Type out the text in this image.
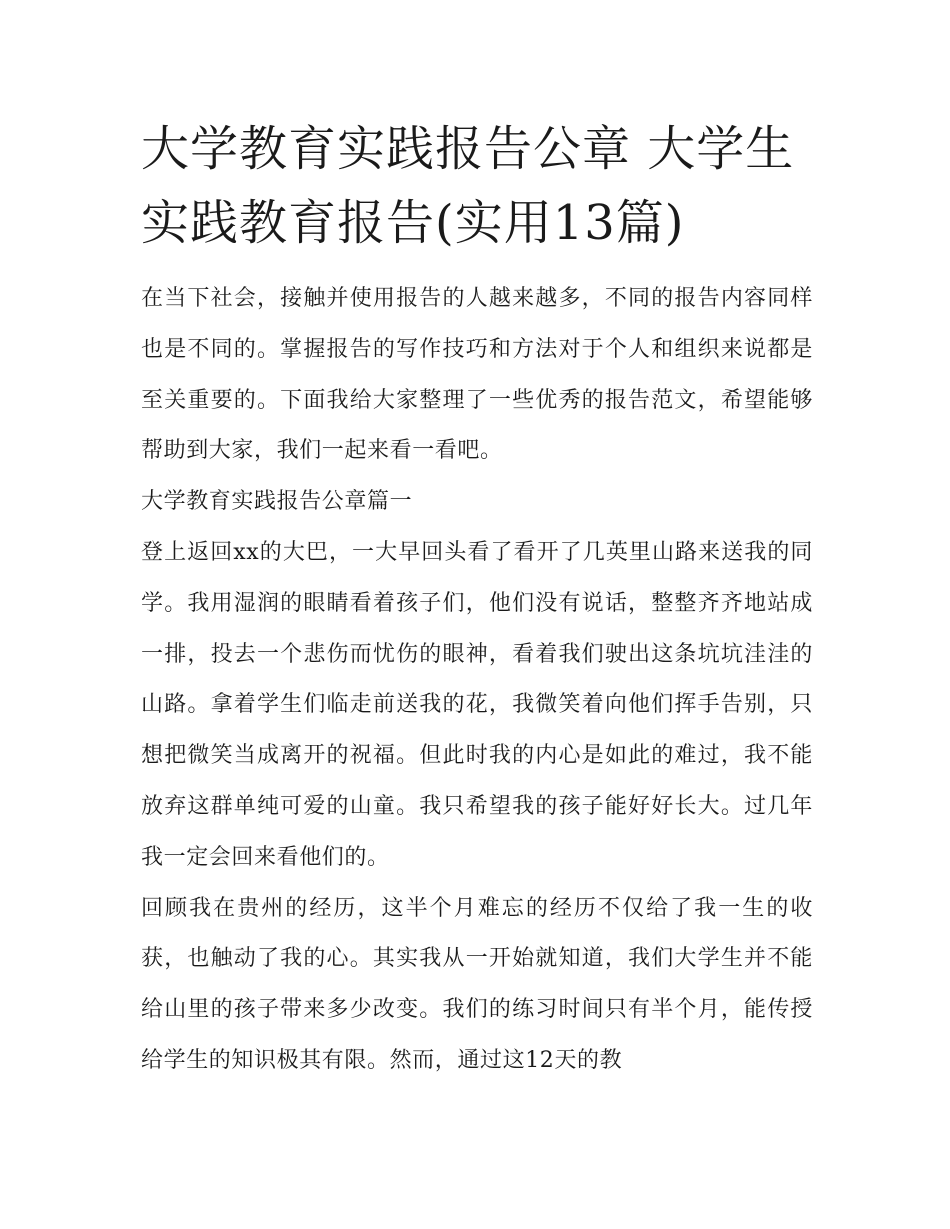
大学教育实践报告公章 大学生实践教育报告(实用13篇)

在当下社会，接触并使用报告的人越来越多，不同的报告内容同样也是不同的。掌握报告的写作技巧和方法对于个人和组织来说都是至关重要的。下面我给大家整理了一些优秀的报告范文，希望能够帮助到大家，我们一起来看一看吧。

大学教育实践报告公章篇一

登上返回xx的大巴，一大早回头看了看开了几英里山路来送我的同学。我用湿润的眼睛看着孩子们，他们没有说话，整整齐齐地站成一排，投去一个悲伤而忧伤的眼神，看着我们驶出这条坑坑洼洼的山路。拿着学生们临走前送我的花，我微笑着向他们挥手告别，只想把微笑当成离开的祝福。但此时我的内心是如此的难过，我不能放弃这群单纯可爱的山童。我只希望我的孩子能好好长大。过几年我一定会回来看他们的。

回顾我在贵州的经历，这半个月难忘的经历不仅给了我一生的收获，也触动了我的心。其实我从一开始就知道，我们大学生并不能给山里的孩子带来多少改变。我们的练习时间只有半个月，能传授给学生的知识极其有限。然而，通过这12天的教
